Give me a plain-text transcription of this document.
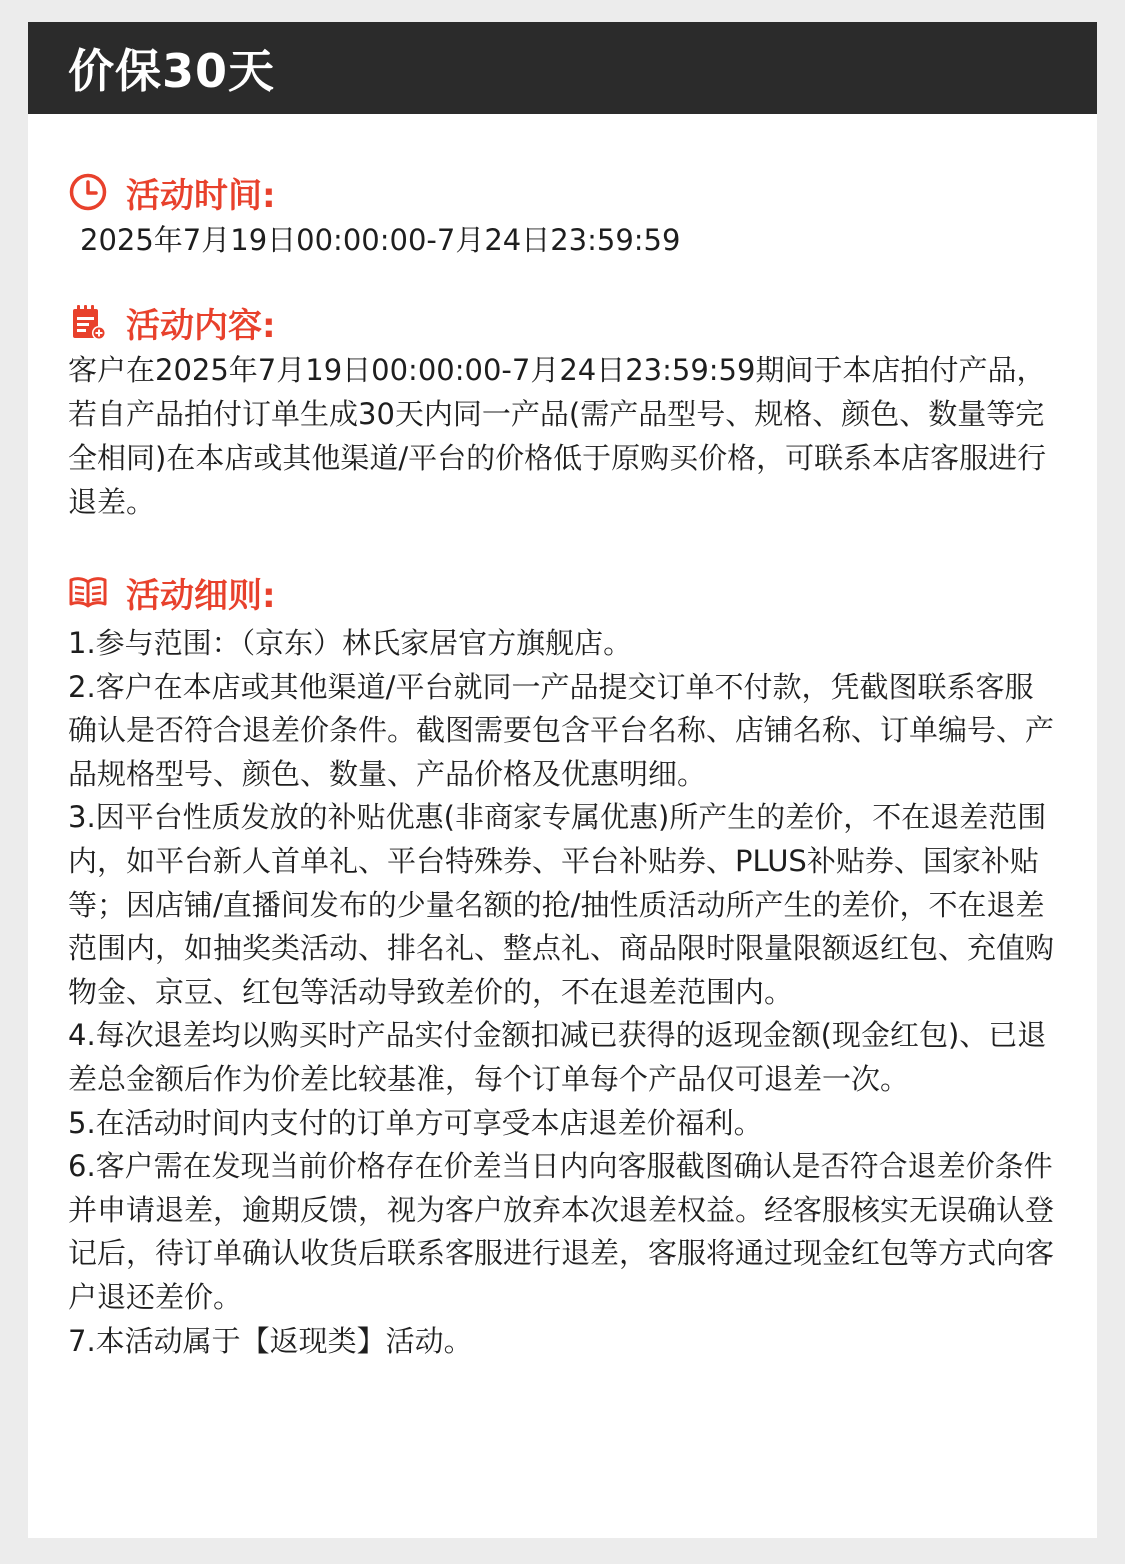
价保30天
活动时间:
2025年7月19日00:00:00-7月24日23:59:59
活动内容:
客户在2025年7月19日00:00:00-7月24日23:59:59期间于本店拍付产品，若自产品拍付订单生成30天内同一产品(需产品型号、规格、颜色、数量等完全相同)在本店或其他渠道/平台的价格低于原购买价格，可联系本店客服进行退差。
活动细则:

1.参与范围：（京东）林氏家居官方旗舰店。

2.客户在本店或其他渠道/平台就同一产品提交订单不付款，凭截图联系客服确认是否符合退差价条件。截图需要包含平台名称、店铺名称、订单编号、产品规格型号、颜色、数量、产品价格及优惠明细。

3.因平台性质发放的补贴优惠(非商家专属优惠)所产生的差价，不在退差范围内，如平台新人首单礼、平台特殊券、平台补贴券、PLUS补贴券、国家补贴等；因店铺/直播间发布的少量名额的抢/抽性质活动所产生的差价，不在退差范围内，如抽奖类活动、排名礼、整点礼、商品限时限量限额返红包、充值购物金、京豆、红包等活动导致差价的，不在退差范围内。

4.每次退差均以购买时产品实付金额扣减已获得的返现金额(现金红包)、已退差总金额后作为价差比较基准，每个订单每个产品仅可退差一次。

5.在活动时间内支付的订单方可享受本店退差价福利。

6.客户需在发现当前价格存在价差当日内向客服截图确认是否符合退差价条件并申请退差，逾期反馈，视为客户放弃本次退差权益。经客服核实无误确认登记后，待订单确认收货后联系客服进行退差，客服将通过现金红包等方式向客户退还差价。

7.本活动属于【返现类】活动。
